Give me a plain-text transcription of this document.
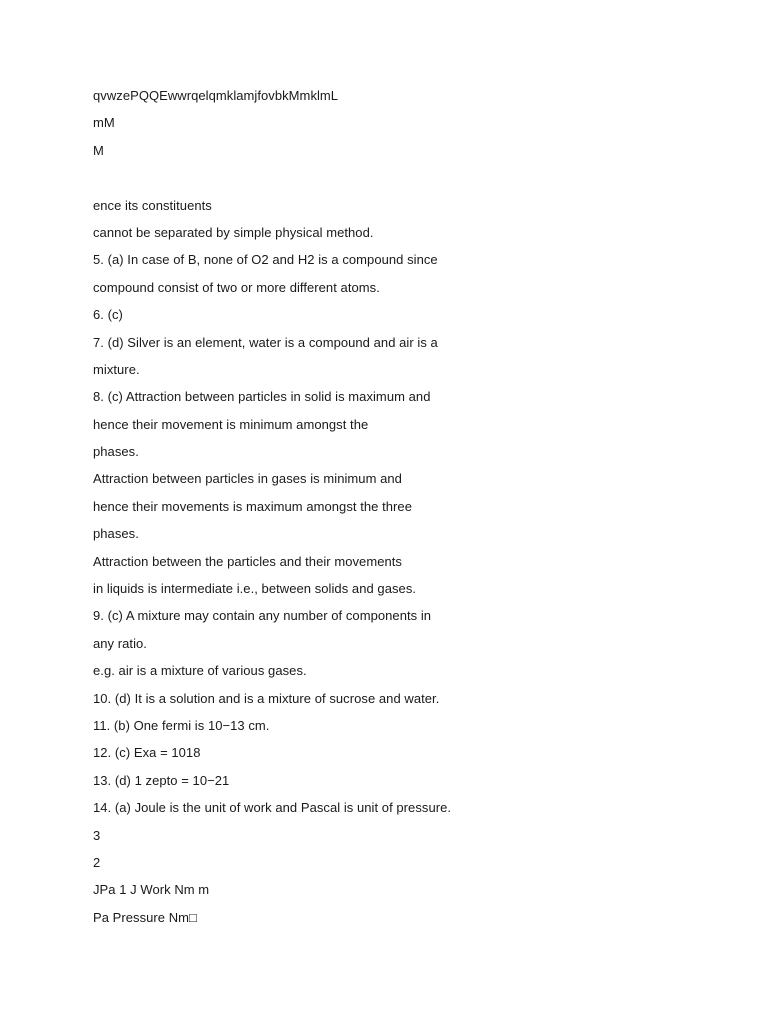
qvwzePQQEwwrqelqmklamjfovbkMmklmL
mM
M
ence its constituents
cannot be separated by simple physical method.
5. (a) In case of B, none of O2 and H2 is a compound since
compound consist of two or more different atoms.
6. (c)
7. (d) Silver is an element, water is a compound and air is a
mixture.
8. (c) Attraction between particles in solid is maximum and
hence their movement is minimum amongst the
phases.
Attraction between particles in gases is minimum and
hence their movements is maximum amongst the three
phases.
Attraction between the particles and their movements
in liquids is intermediate i.e., between solids and gases.
9. (c) A mixture may contain any number of components in
any ratio.
e.g. air is a mixture of various gases.
10. (d) It is a solution and is a mixture of sucrose and water.
11. (b) One fermi is 10−13 cm.
12. (c) Exa = 1018
13. (d) 1 zepto = 10−21
14. (a) Joule is the unit of work and Pascal is unit of pressure.
3
2
JPa 1 J Work Nm m
Pa Pressure Nm□
